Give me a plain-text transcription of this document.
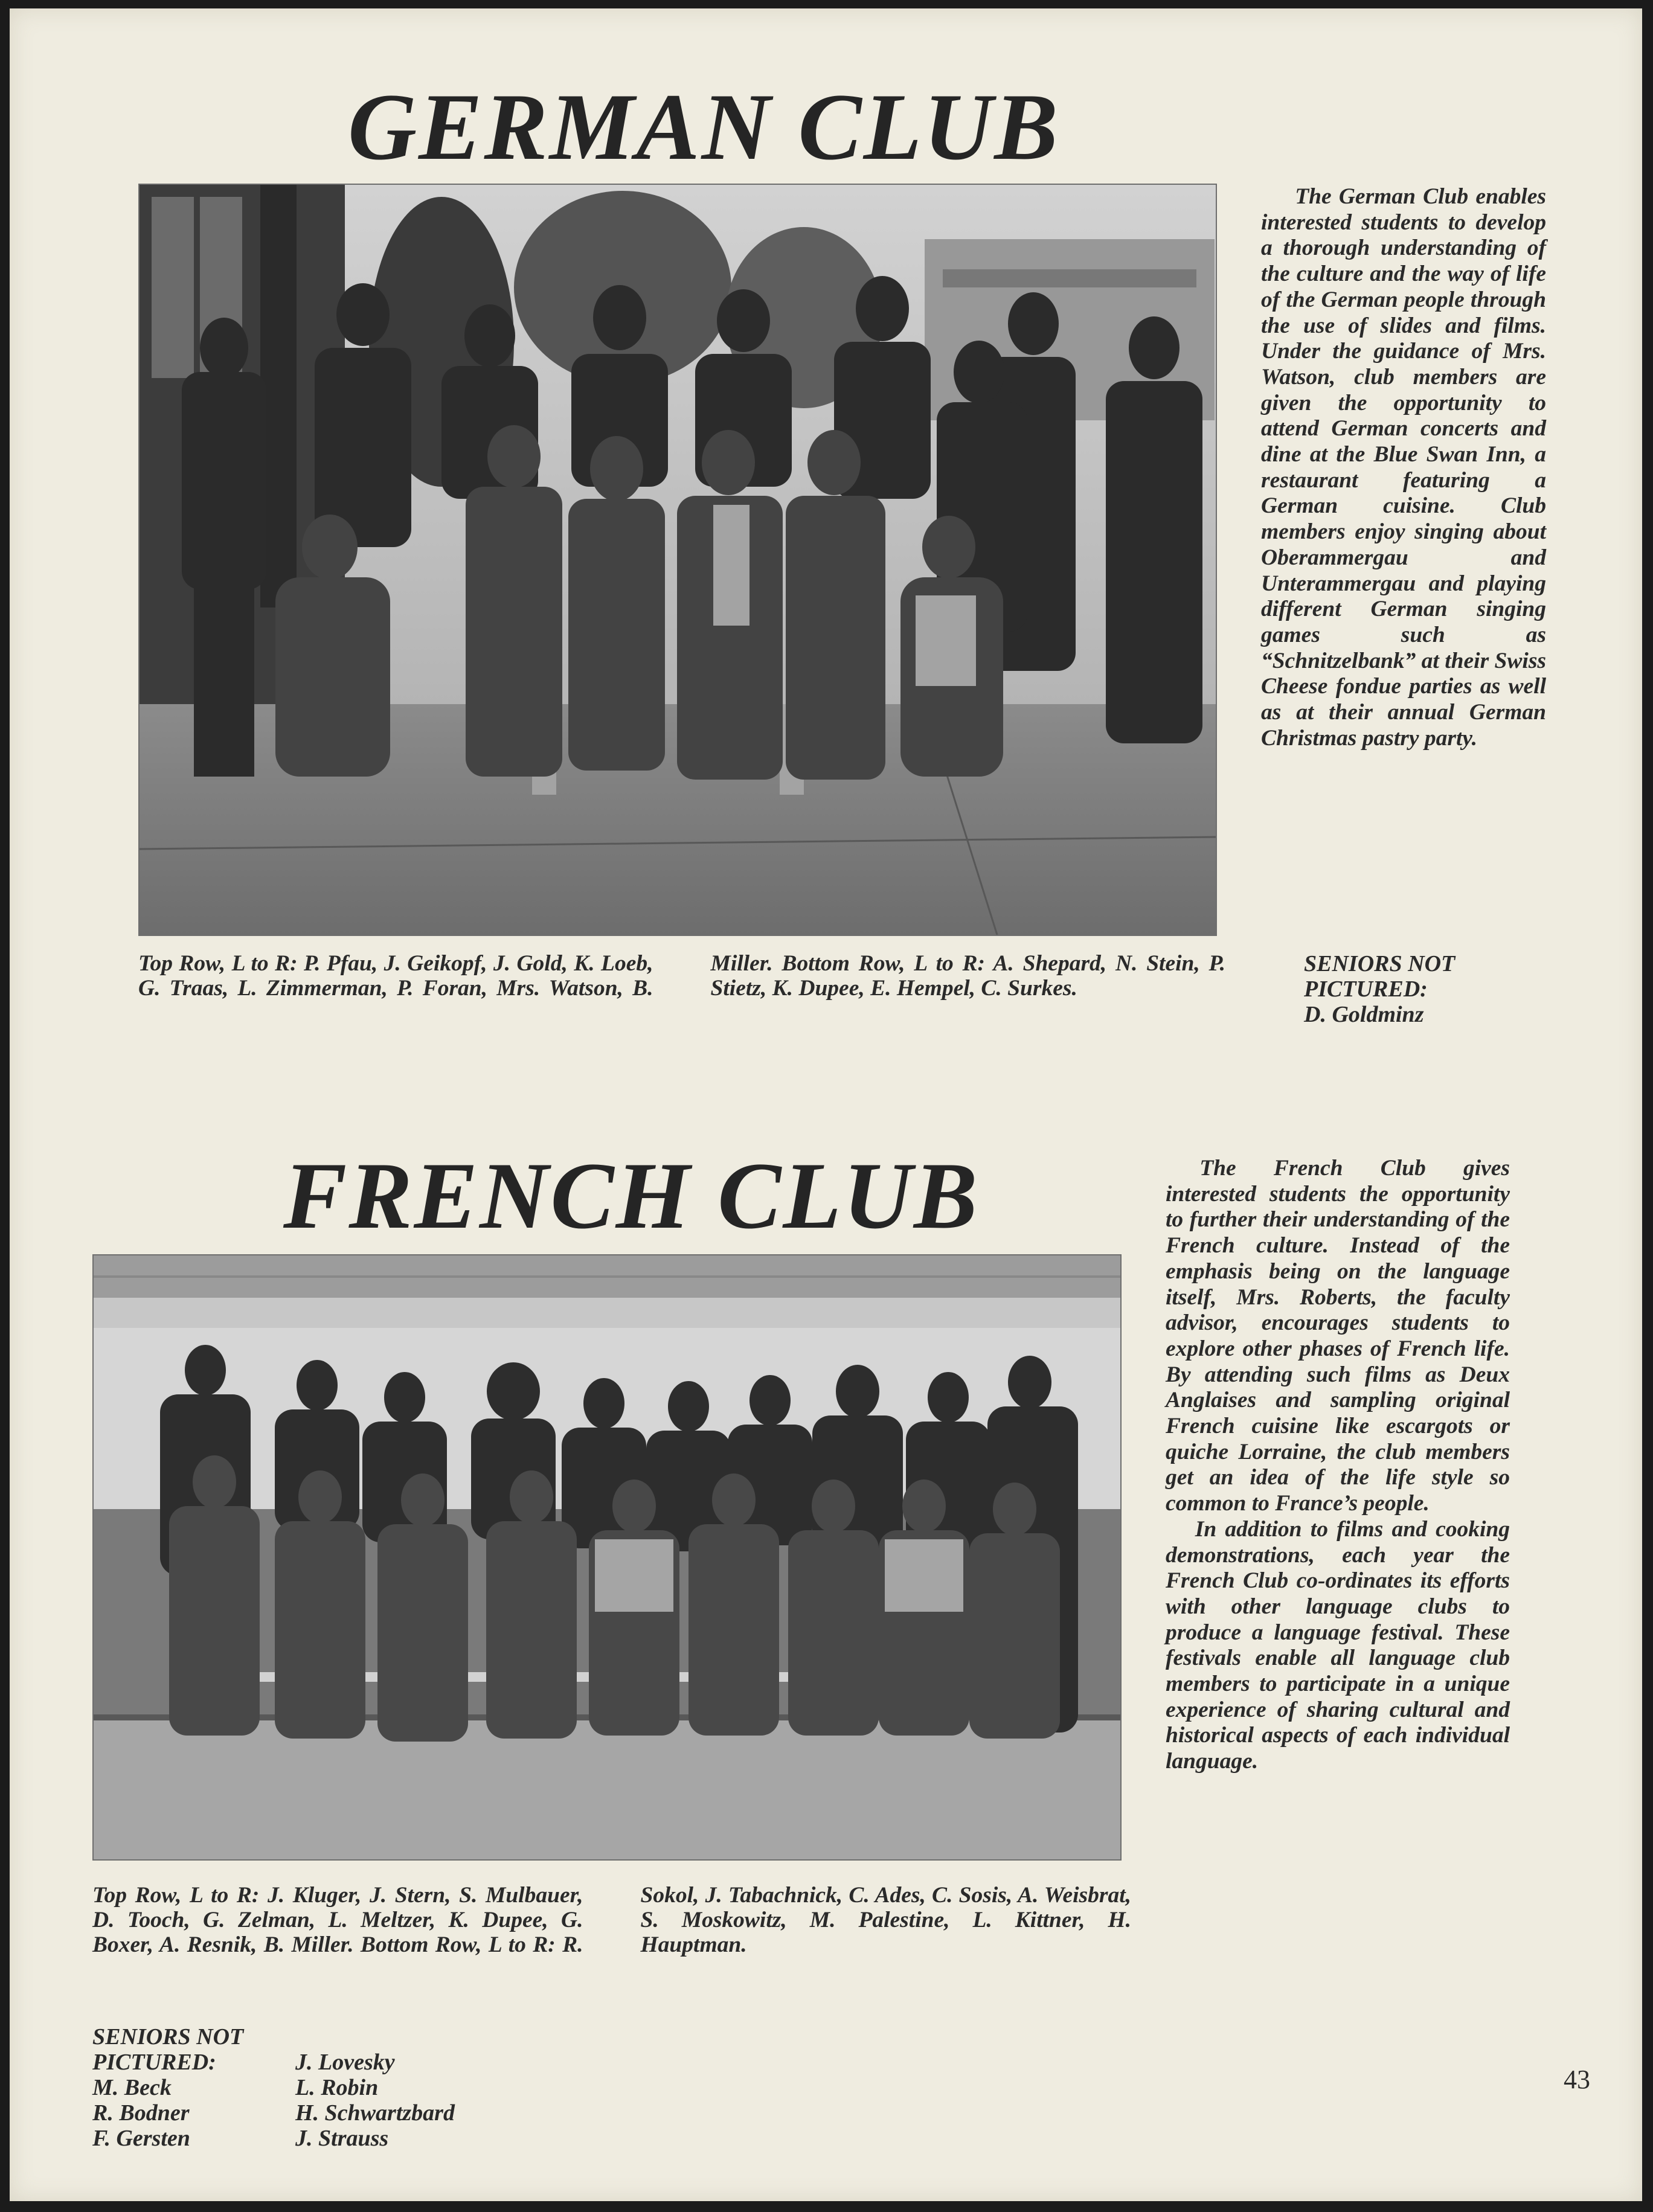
GERMAN CLUB

The German Club enables interested students to develop a thorough understanding of the culture and the way of life of the German people through the use of slides and films. Under the guidance of Mrs. Watson, club members are given the opportunity to attend German concerts and dine at the Blue Swan Inn, a restaurant featuring a German cuisine. Club members enjoy singing about Oberammergau and Unterammergau and playing different German singing games such as “Schnitzelbank” at their Swiss Cheese fondue parties as well as at their annual German Christmas pastry party.

Top Row, L to R: P. Pfau, J. Geikopf, J. Gold, K. Loeb, G. Traas, L. Zimmerman, P. Foran, Mrs. Watson, B. Miller. Bottom Row, L to R: A. Shepard, N. Stein, P. Stietz, K. Dupee, E. Hempel, C. Surkes.

SENIORS NOT
PICTURED:
D. Goldminz
FRENCH CLUB	The French Club gives interested students the opportunity to further their understanding of the French culture. Instead of the emphasis being on the language itself, Mrs. Roberts, the faculty advisor, encourages students to explore other phases of French life. By attending such films as Deux Anglaises and sampling original French cuisine like escargots or quiche Lorraine, the club members get an idea of the life style so common to France’s people.

In addition to films and cooking demonstrations, each year the French Club co-ordinates its efforts with other language clubs to produce a language festival. These festivals enable all language club members to participate in a unique experience of sharing cultural and historical aspects of each individual language.

Top Row, L to R: J. Kluger, J. Stern, S. Mulbauer, D. Tooch, G. Zelman, L. Meltzer, K. Dupee, G. Boxer, A. Resnik, B. Miller. Bottom Row, L to R: R. Sokol, J. Tabachnick, C. Ades, C. Sosis, A. Weisbrat, S. Moskowitz, M. Palestine, L. Kittner, H. Hauptman.

SENIORS NOT
PICTURED:
M. Beck
R. Bodner
F. Gersten
J. Lovesky
L. Robin
H. Schwartzbard
J. Strauss
43
